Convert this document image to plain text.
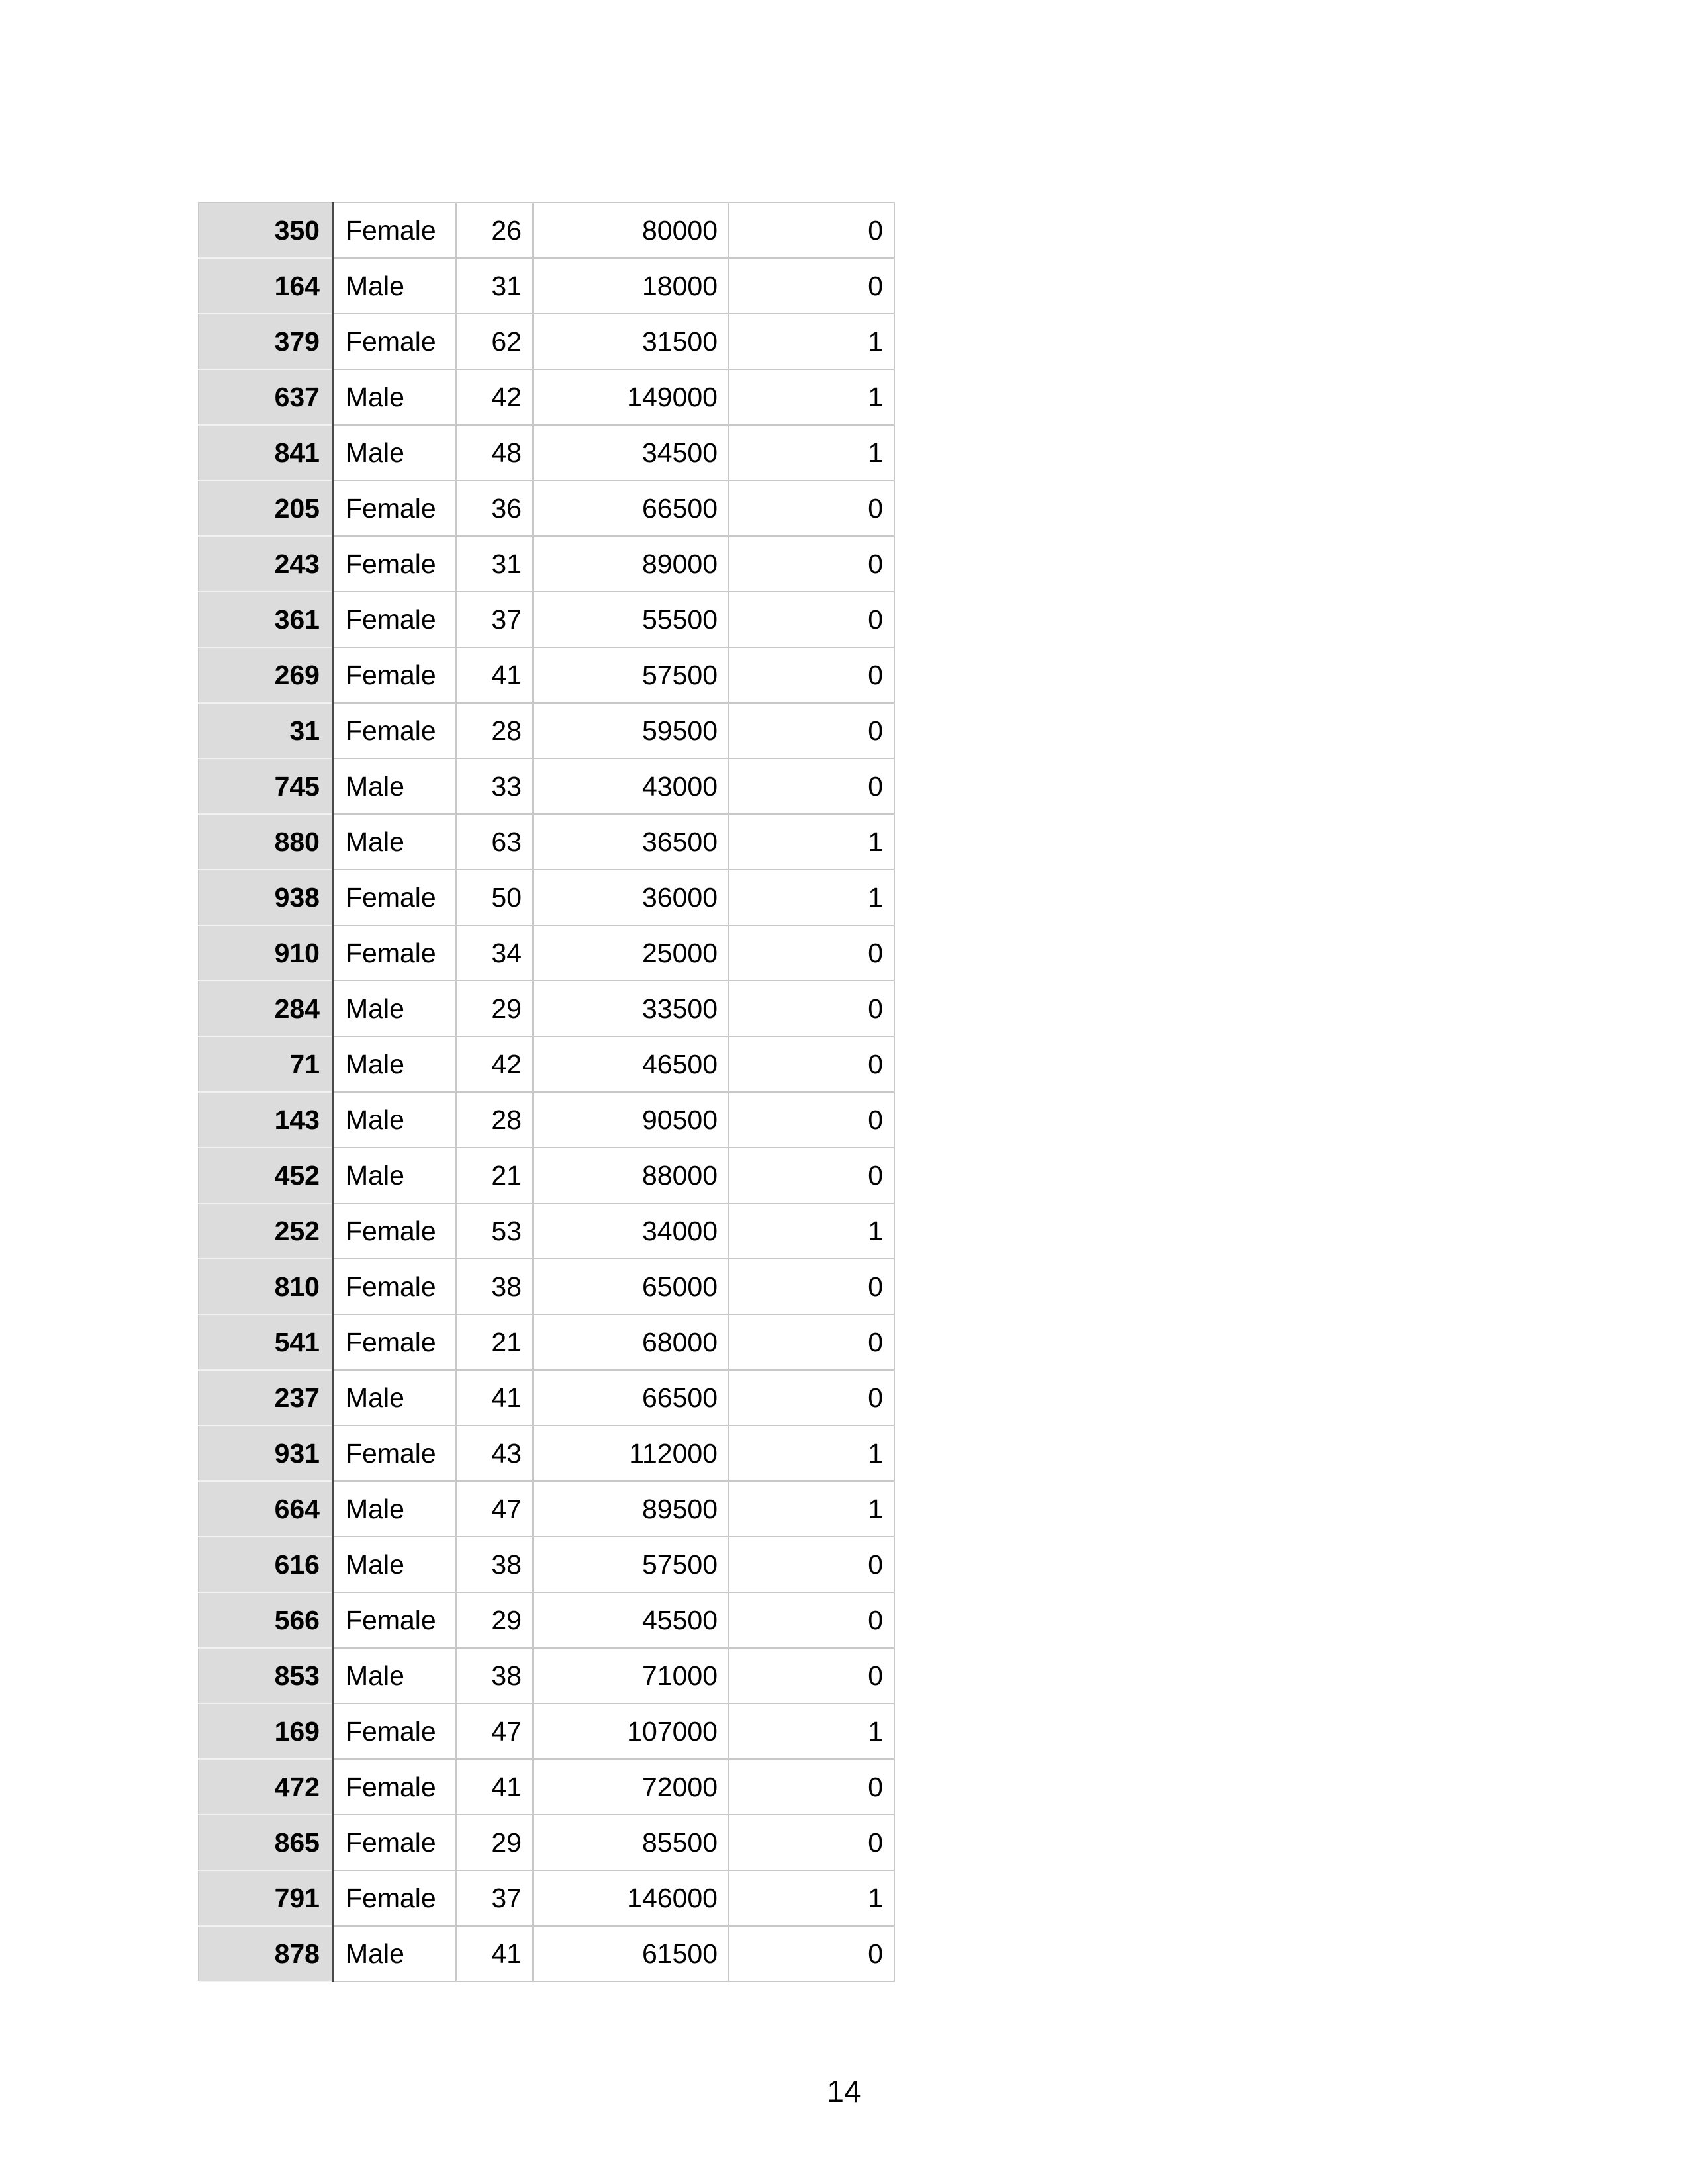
350	Female	26	80000	0
164	Male	31	18000	0
379	Female	62	31500	1
637	Male	42	149000	1
841	Male	48	34500	1
205	Female	36	66500	0
243	Female	31	89000	0
361	Female	37	55500	0
269	Female	41	57500	0
31	Female	28	59500	0
745	Male	33	43000	0
880	Male	63	36500	1
938	Female	50	36000	1
910	Female	34	25000	0
284	Male	29	33500	0
71	Male	42	46500	0
143	Male	28	90500	0
452	Male	21	88000	0
252	Female	53	34000	1
810	Female	38	65000	0
541	Female	21	68000	0
237	Male	41	66500	0
931	Female	43	112000	1
664	Male	47	89500	1
616	Male	38	57500	0
566	Female	29	45500	0
853	Male	38	71000	0
169	Female	47	107000	1
472	Female	41	72000	0
865	Female	29	85500	0
791	Female	37	146000	1
878	Male	41	61500	0
14
